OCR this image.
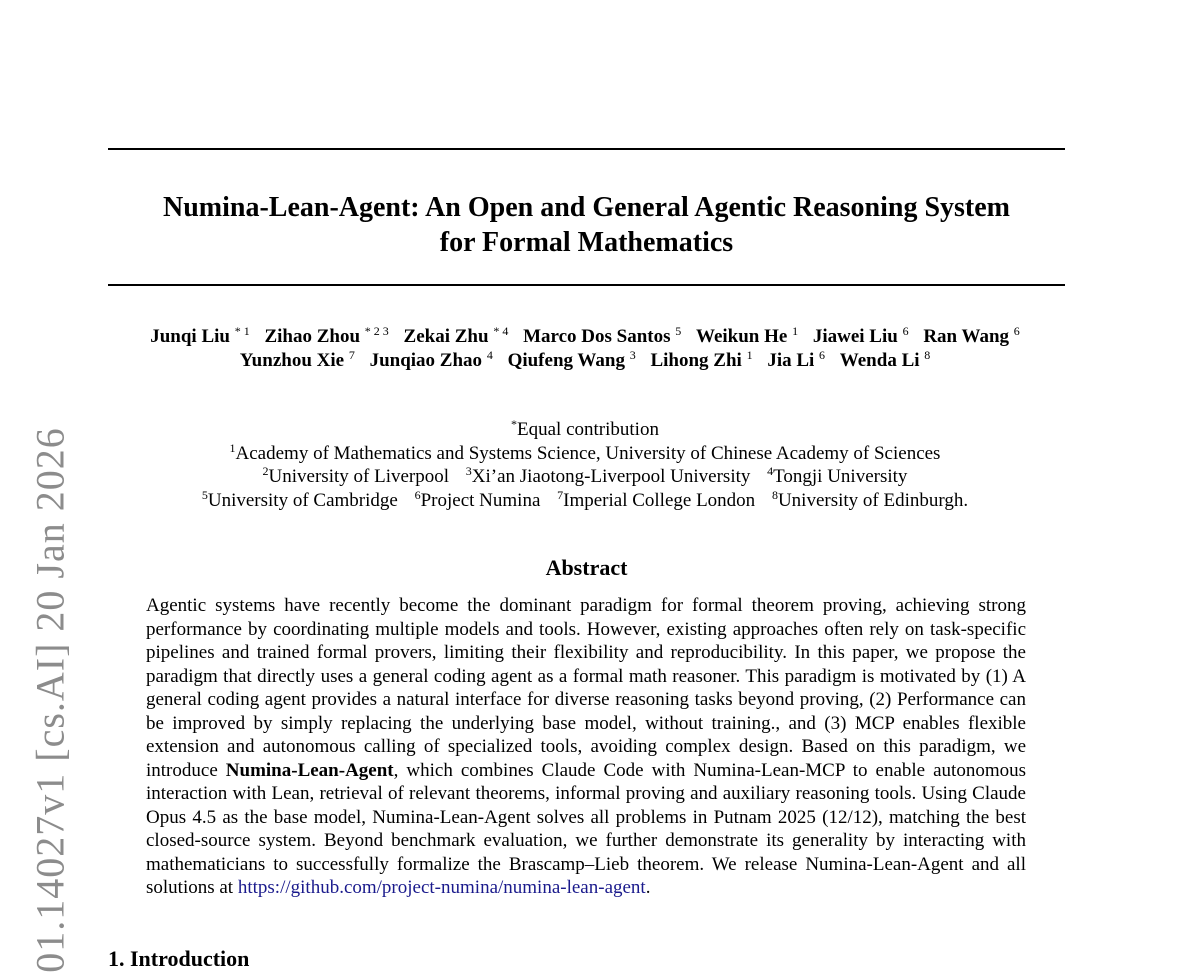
01.14027v1 [cs.AI] 20 Jan 2026
Numina-Lean-Agent: An Open and General Agentic Reasoning System
for Formal Mathematics
Junqi Liu $^{* 1}$ Zihao Zhou $^{* 2 3}$ Zekai Zhu $^{* 4}$ Marco Dos Santos $^5$ Weikun He $^1$ Jiawei Liu $^6$ Ran Wang $^6$
Yunzhou Xie $^7$ Junqiao Zhao $^4$ Qiufeng Wang $^3$ Lihong Zhi $^1$ Jia Li $^6$ Wenda Li $^8$
*Equal contribution
$^1$Academy of Mathematics and Systems Science, University of Chinese Academy of Sciences
$^2$University of Liverpool $^3$Xi’an Jiaotong-Liverpool University $^4$Tongji University
$^5$University of Cambridge $^6$Project Numina $^7$Imperial College London $^8$University of Edinburgh.
Abstract
Agentic systems have recently become the dominant paradigm for formal theorem proving, achieving strong performance by coordinating multiple models and tools. However, existing approaches often rely on task-specific pipelines and trained formal provers, limiting their flexibility and reproducibility. In this paper, we propose the paradigm that directly uses a general coding agent as a formal math reasoner. This paradigm is motivated by (1) A general coding agent provides a natural interface for diverse reasoning tasks beyond proving, (2) Performance can be improved by simply replacing the underlying base model, without training., and (3) MCP enables flexible extension and autonomous calling of specialized tools, avoiding complex design. Based on this paradigm, we introduce Numina-Lean-Agent, which combines Claude Code with Numina-Lean-MCP to enable autonomous interaction with Lean, retrieval of relevant theorems, informal proving and auxiliary reasoning tools. Using Claude Opus 4.5 as the base model, Numina-Lean-Agent solves all problems in Putnam 2025 (12/12), matching the best closed-source system. Beyond benchmark evaluation, we further demonstrate its generality by interacting with mathematicians to successfully formalize the Brascamp–Lieb theorem. We release Numina-Lean-Agent and all solutions at https://github.com/project-numina/numina-lean-agent.
1. Introduction
